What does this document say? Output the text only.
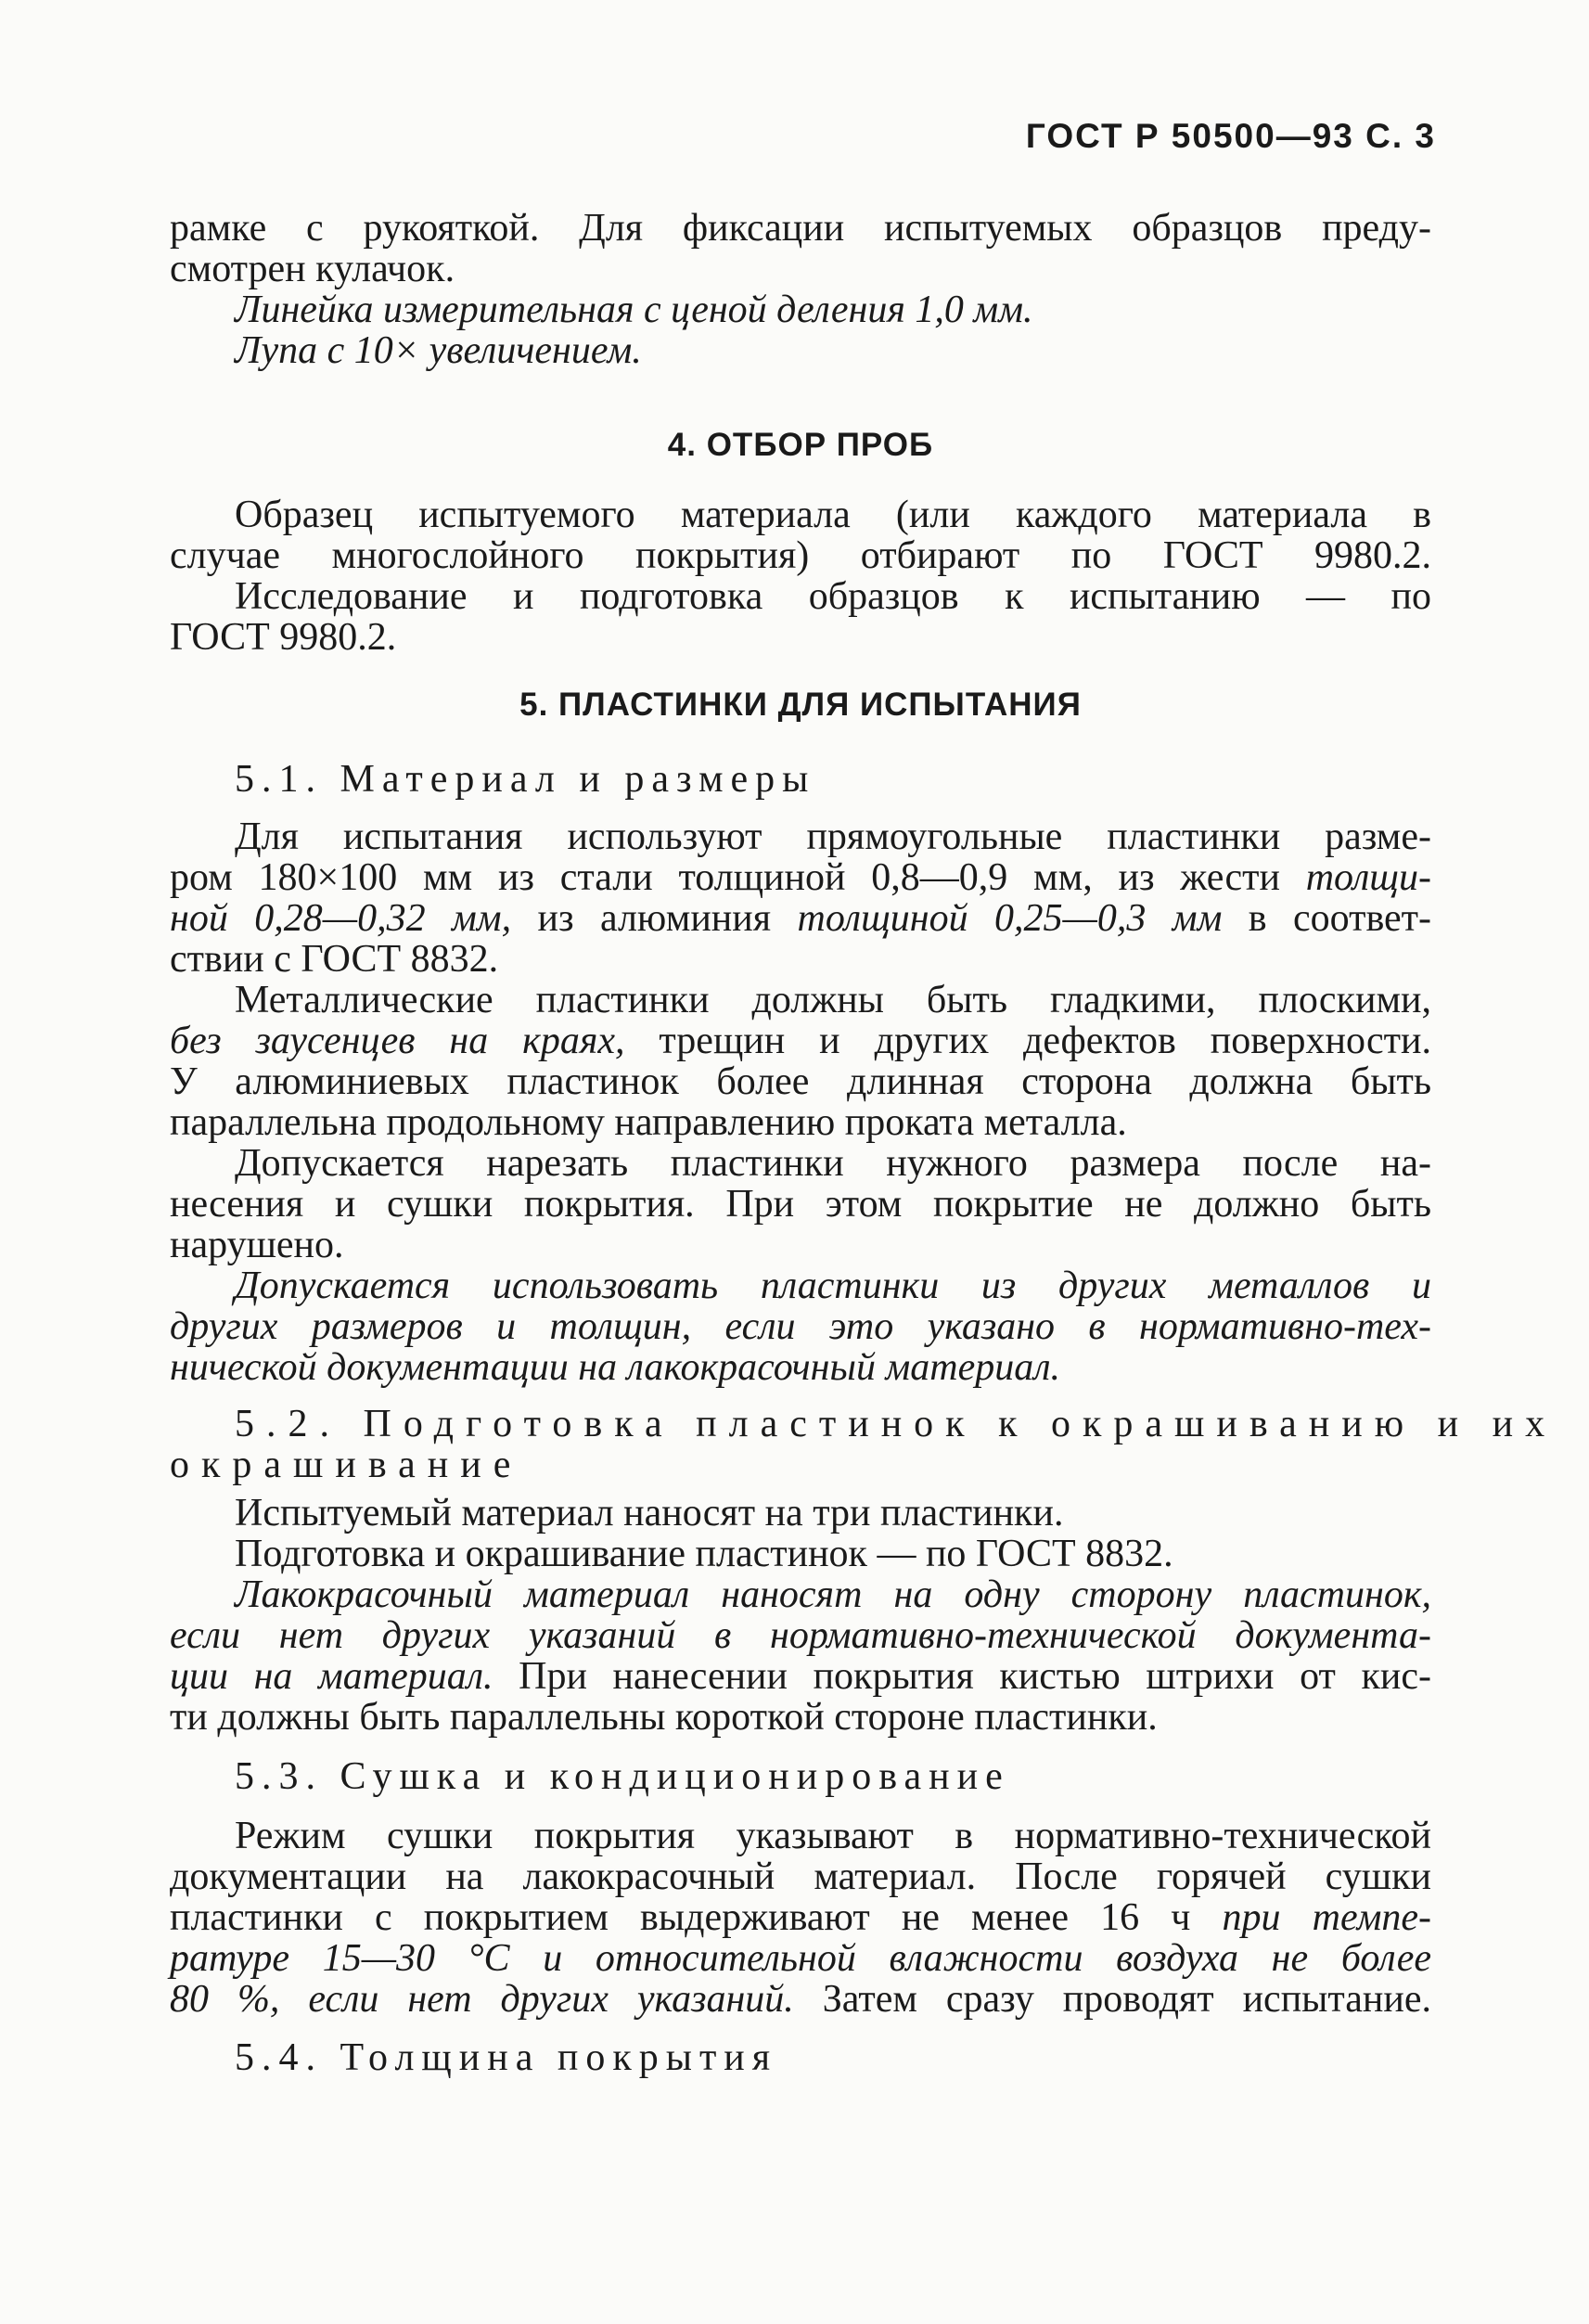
ГОСТ Р 50500—93 С. 3
рамке с рукояткой. Для фиксации испытуемых образцов преду-
смотрен кулачок.
Линейка измерительная с ценой деления 1,0 мм.
Лупа с 10× увеличением.
4. ОТБОР ПРОБ
Образец испытуемого материала (или каждого материала в
случае многослойного покрытия) отбирают по ГОСТ 9980.2.
Исследование и подготовка образцов к испытанию — по
ГОСТ 9980.2.
5. ПЛАСТИНКИ ДЛЯ ИСПЫТАНИЯ
5.1. Материал и размеры
Для испытания используют прямоугольные пластинки разме-
ром 180×100 мм из стали толщиной 0,8—0,9 мм, из жести толщи-
ной 0,28—0,32 мм, из алюминия толщиной 0,25—0,3 мм в соответ-
ствии с ГОСТ 8832.
Металлические пластинки должны быть гладкими, плоскими,
без заусенцев на краях, трещин и других дефектов поверхности.
У алюминиевых пластинок более длинная сторона должна быть
параллельна продольному направлению проката металла.
Допускается нарезать пластинки нужного размера после на-
несения и сушки покрытия. При этом покрытие не должно быть
нарушено.
Допускается использовать пластинки из других металлов и
других размеров и толщин, если это указано в нормативно-тех-
нической документации на лакокрасочный материал.
5.2. Подготовка пластинок к окрашиванию и их
окрашивание
Испытуемый материал наносят на три пластинки.
Подготовка и окрашивание пластинок — по ГОСТ 8832.
Лакокрасочный материал наносят на одну сторону пластинок,
если нет других указаний в нормативно-технической документа-
ции на материал. При нанесении покрытия кистью штрихи от кис-
ти должны быть параллельны короткой стороне пластинки.
5.3. Сушка и кондиционирование
Режим сушки покрытия указывают в нормативно-технической
документации на лакокрасочный материал. После горячей сушки
пластинки с покрытием выдерживают не менее 16 ч при темпе-
ратуре 15—30 °С и относительной влажности воздуха не более
80 %, если нет других указаний. Затем сразу проводят испытание.
5.4. Толщина покрытия
